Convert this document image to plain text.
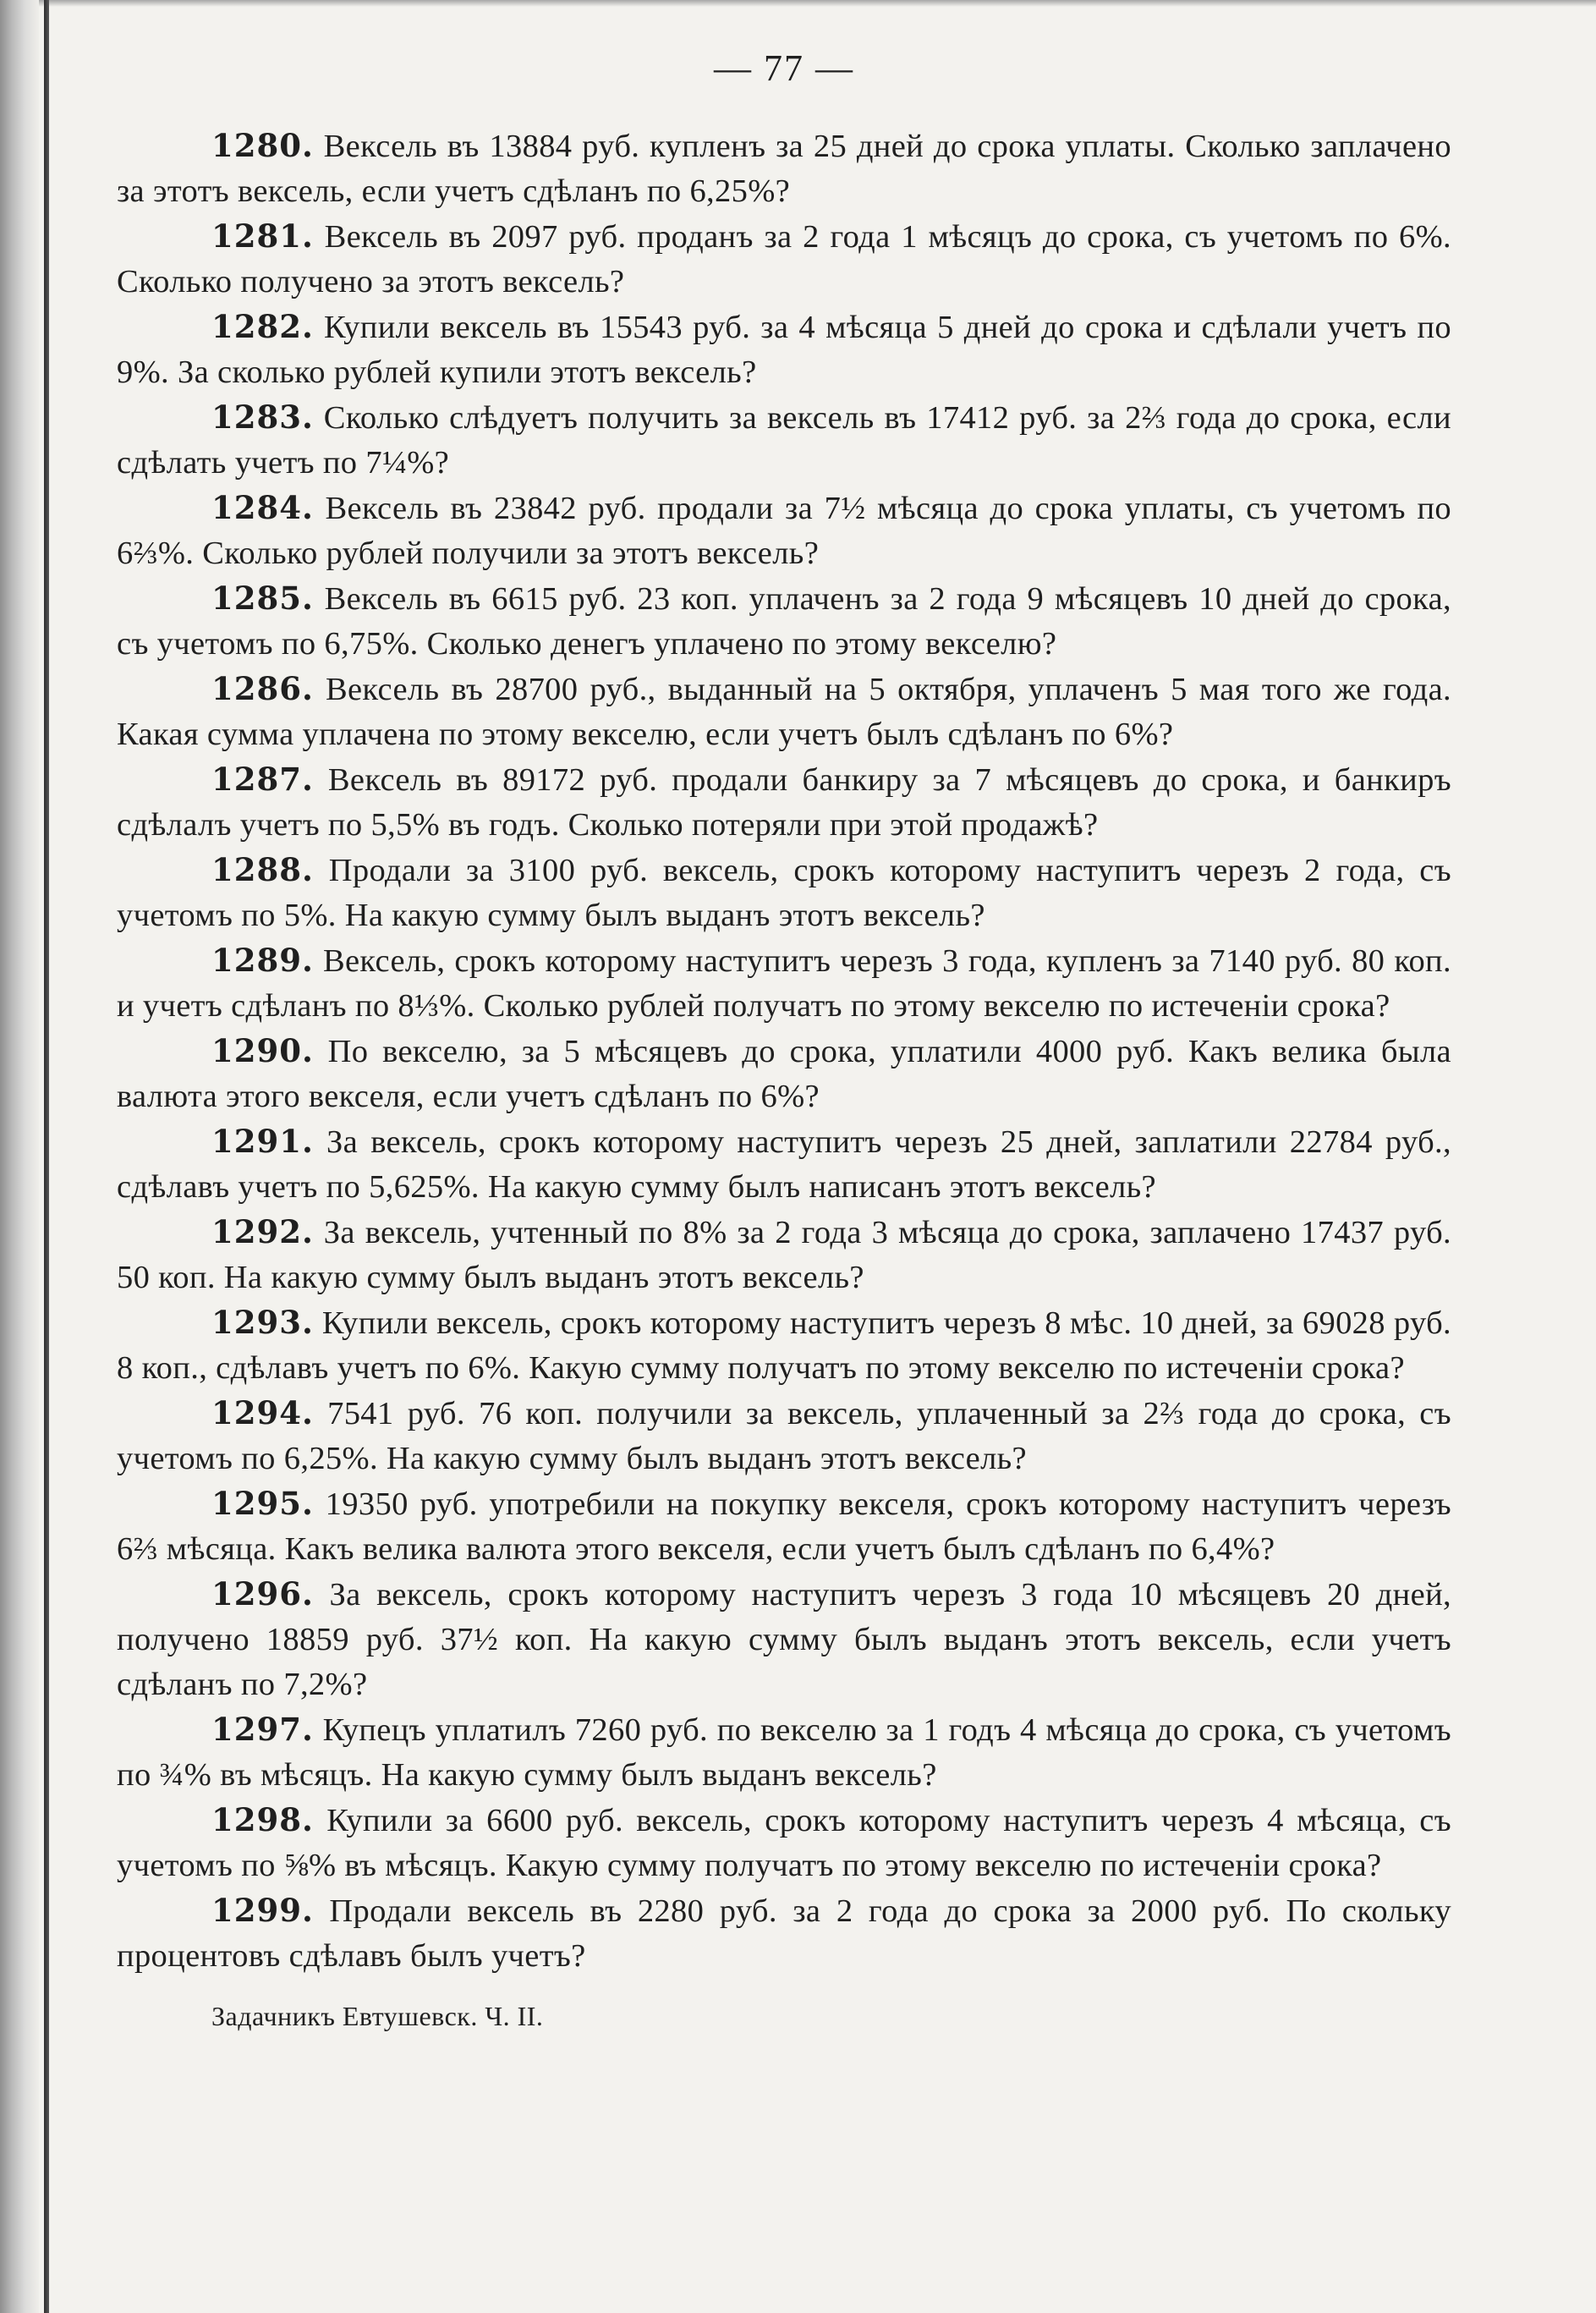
— 77 —

1280. Вексель въ 13884 руб. купленъ за 25 дней до срока уплаты. Сколько заплачено за этотъ вексель, если учетъ сдѣланъ по 6,25%?

1281. Вексель въ 2097 руб. проданъ за 2 года 1 мѣсяцъ до срока, съ учетомъ по 6%. Сколько получено за этотъ вексель?

1282. Купили вексель въ 15543 руб. за 4 мѣсяца 5 дней до срока и сдѣлали учетъ по 9%. За сколько рублей купили этотъ вексель?

1283. Сколько слѣдуетъ получить за вексель въ 17412 руб. за 2⅔ года до срока, если сдѣлать учетъ по 7¼%?

1284. Вексель въ 23842 руб. продали за 7½ мѣсяца до срока уплаты, съ учетомъ по 6⅔%. Сколько рублей получили за этотъ вексель?

1285. Вексель въ 6615 руб. 23 коп. уплаченъ за 2 года 9 мѣсяцевъ 10 дней до срока, съ учетомъ по 6,75%. Сколько денегъ уплачено по этому векселю?

1286. Вексель въ 28700 руб., выданный на 5 октября, уплаченъ 5 мая того же года. Какая сумма уплачена по этому векселю, если учетъ былъ сдѣланъ по 6%?

1287. Вексель въ 89172 руб. продали банкиру за 7 мѣсяцевъ до срока, и банкиръ сдѣлалъ учетъ по 5,5% въ годъ. Сколько потеряли при этой продажѣ?

1288. Продали за 3100 руб. вексель, срокъ которому наступитъ черезъ 2 года, съ учетомъ по 5%. На какую сумму былъ выданъ этотъ вексель?

1289. Вексель, срокъ которому наступитъ черезъ 3 года, купленъ за 7140 руб. 80 коп. и учетъ сдѣланъ по 8⅓%. Сколько рублей получатъ по этому векселю по истеченіи срока?

1290. По векселю, за 5 мѣсяцевъ до срока, уплатили 4000 руб. Какъ велика была валюта этого векселя, если учетъ сдѣланъ по 6%?

1291. За вексель, срокъ которому наступитъ черезъ 25 дней, заплатили 22784 руб., сдѣлавъ учетъ по 5,625%. На какую сумму былъ написанъ этотъ вексель?

1292. За вексель, учтенный по 8% за 2 года 3 мѣсяца до срока, заплачено 17437 руб. 50 коп. На какую сумму былъ выданъ этотъ вексель?

1293. Купили вексель, срокъ которому наступитъ черезъ 8 мѣс. 10 дней, за 69028 руб. 8 коп., сдѣлавъ учетъ по 6%. Какую сумму получатъ по этому векселю по истеченіи срока?

1294. 7541 руб. 76 коп. получили за вексель, уплаченный за 2⅔ года до срока, съ учетомъ по 6,25%. На какую сумму былъ выданъ этотъ вексель?

1295. 19350 руб. употребили на покупку векселя, срокъ которому наступитъ черезъ 6⅔ мѣсяца. Какъ велика валюта этого векселя, если учетъ былъ сдѣланъ по 6,4%?

1296. За вексель, срокъ которому наступитъ черезъ 3 года 10 мѣсяцевъ 20 дней, получено 18859 руб. 37½ коп. На какую сумму былъ выданъ этотъ вексель, если учетъ сдѣланъ по 7,2%?

1297. Купецъ уплатилъ 7260 руб. по векселю за 1 годъ 4 мѣсяца до срока, съ учетомъ по ¾% въ мѣсяцъ. На какую сумму былъ выданъ вексель?

1298. Купили за 6600 руб. вексель, срокъ которому наступитъ черезъ 4 мѣсяца, съ учетомъ по ⅝% въ мѣсяцъ. Какую сумму получатъ по этому векселю по истеченіи срока?

1299. Продали вексель въ 2280 руб. за 2 года до срока за 2000 руб. По скольку процентовъ сдѣлавъ былъ учетъ?

Задачникъ Евтушевск. Ч. II.
